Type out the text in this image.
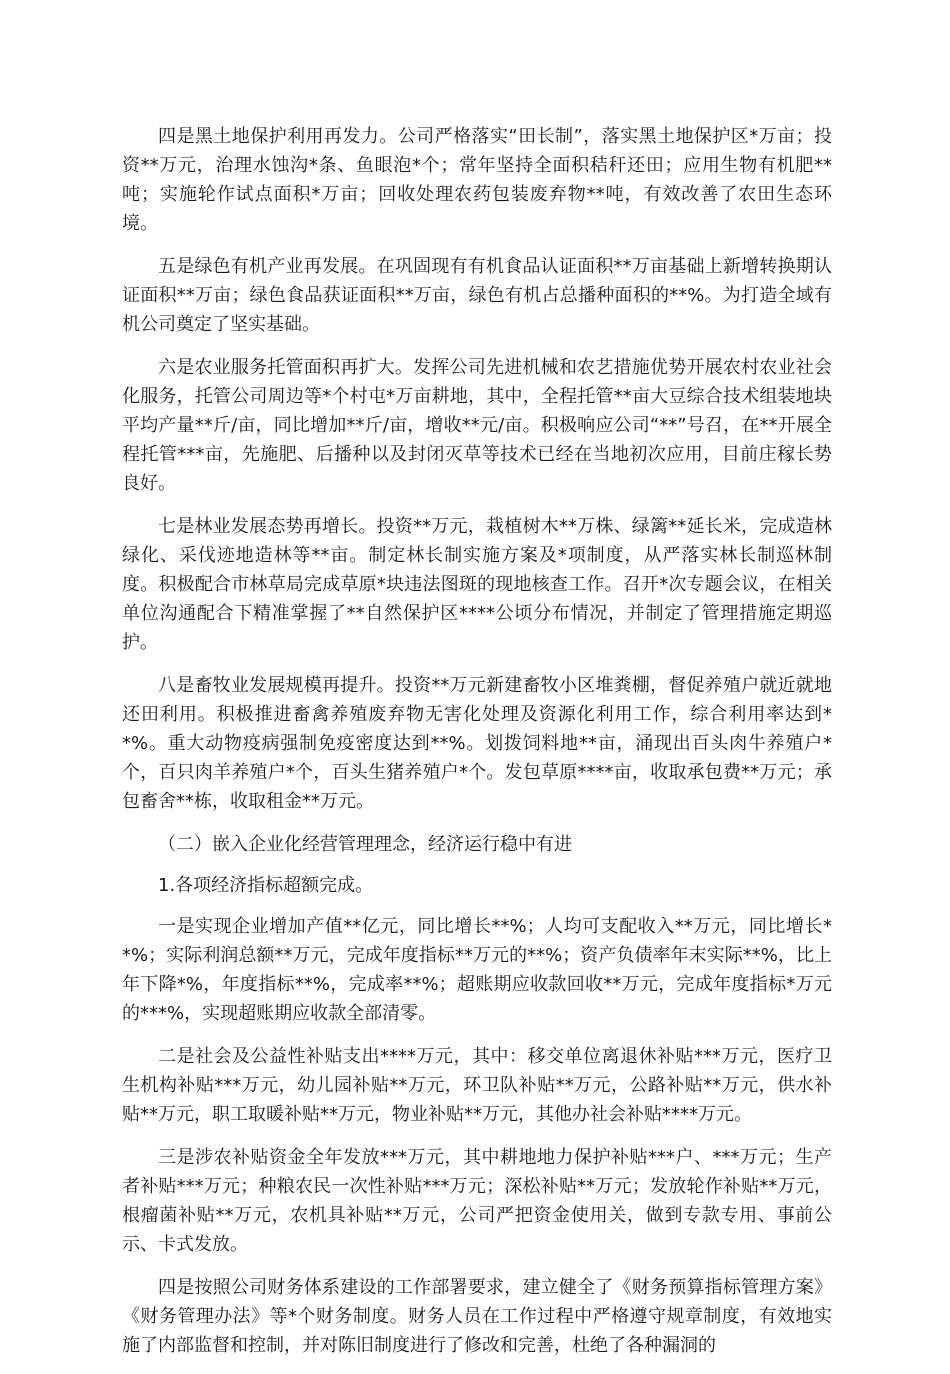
四是黑土地保护利用再发力。公司严格落实“田长制”，落实黑土地保护区*万亩；投资**万元，治理水蚀沟*条、鱼眼泡*个；常年坚持全面积秸秆还田；应用生物有机肥**吨；实施轮作试点面积*万亩；回收处理农药包装废弃物**吨，有效改善了农田生态环境。

五是绿色有机产业再发展。在巩固现有有机食品认证面积**万亩基础上新增转换期认证面积**万亩；绿色食品获证面积**万亩，绿色有机占总播种面积的**%。为打造全域有机公司奠定了坚实基础。

六是农业服务托管面积再扩大。发挥公司先进机械和农艺措施优势开展农村农业社会化服务，托管公司周边等*个村屯*万亩耕地，其中，全程托管**亩大豆综合技术组装地块平均产量**斤/亩，同比增加**斤/亩，增收**元/亩。积极响应公司“**”号召，在**开展全程托管***亩，先施肥、后播种以及封闭灭草等技术已经在当地初次应用，目前庄稼长势良好。

七是林业发展态势再增长。投资**万元，栽植树木**万株、绿篱**延长米，完成造林绿化、采伐迹地造林等**亩。制定林长制实施方案及*项制度，从严落实林长制巡林制度。积极配合市林草局完成草原*块违法图斑的现地核查工作。召开*次专题会议，在相关单位沟通配合下精准掌握了**自然保护区****公顷分布情况，并制定了管理措施定期巡护。

八是畜牧业发展规模再提升。投资**万元新建畜牧小区堆粪棚，督促养殖户就近就地还田利用。积极推进畜禽养殖废弃物无害化处理及资源化利用工作，综合利用率达到**%。重大动物疫病强制免疫密度达到**%。划拨饲料地**亩，涌现出百头肉牛养殖户*个，百只肉羊养殖户*个，百头生猪养殖户*个。发包草原****亩，收取承包费**万元；承包畜舍**栋，收取租金**万元。

（二）嵌入企业化经营管理理念，经济运行稳中有进

1.各项经济指标超额完成。

一是实现企业增加产值**亿元，同比增长**%；人均可支配收入**万元，同比增长**%；实际利润总额**万元，完成年度指标**万元的**%；资产负债率年末实际**%，比上年下降*%，年度指标**%，完成率**%；超账期应收款回收**万元，完成年度指标*万元的***%，实现超账期应收款全部清零。

二是社会及公益性补贴支出****万元，其中：移交单位离退休补贴***万元，医疗卫生机构补贴***万元，幼儿园补贴**万元，环卫队补贴**万元，公路补贴**万元，供水补贴**万元，职工取暖补贴**万元，物业补贴**万元，其他办社会补贴****万元。

三是涉农补贴资金全年发放***万元，其中耕地地力保护补贴***户、***万元；生产者补贴***万元；种粮农民一次性补贴***万元；深松补贴**万元；发放轮作补贴**万元，根瘤菌补贴**万元，农机具补贴**万元，公司严把资金使用关，做到专款专用、事前公示、卡式发放。

四是按照公司财务体系建设的工作部署要求，建立健全了《财务预算指标管理方案》《财务管理办法》等*个财务制度。财务人员在工作过程中严格遵守规章制度，有效地实施了内部监督和控制，并对陈旧制度进行了修改和完善，杜绝了各种漏洞的
